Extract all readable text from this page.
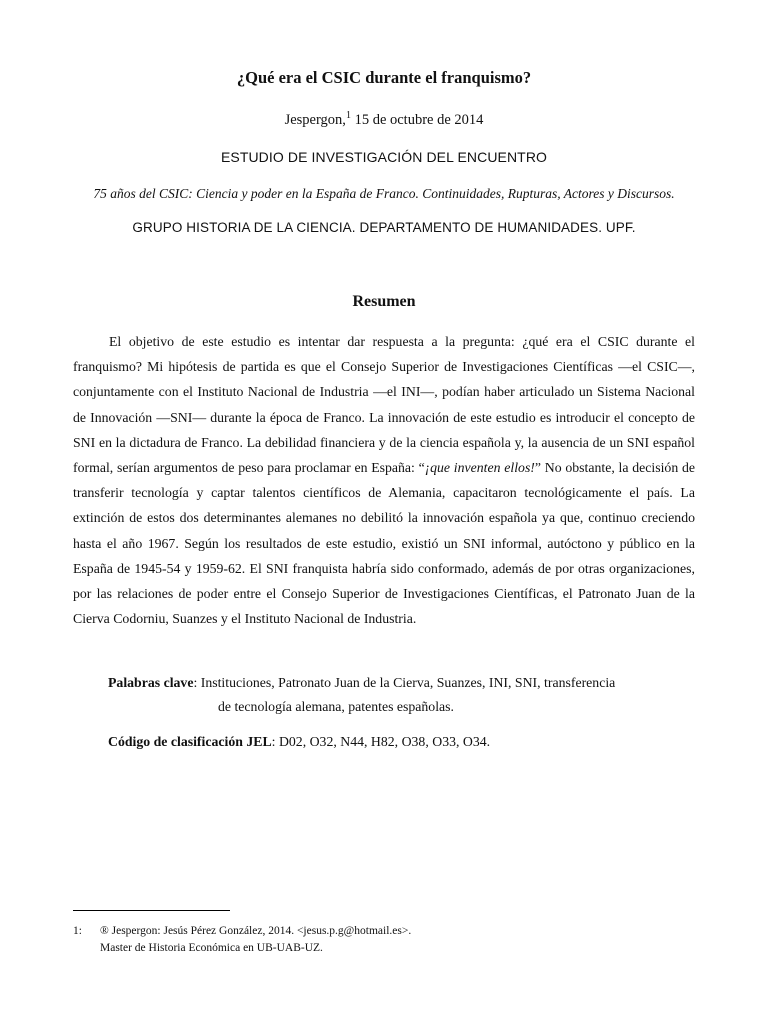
¿Qué era el CSIC durante el franquismo?
Jespergon,$^1$ 15 de octubre de 2014
ESTUDIO DE INVESTIGACIÓN DEL ENCUENTRO
75 años del CSIC: Ciencia y poder en la España de Franco. Continuidades, Rupturas, Actores y Discursos.
GRUPO HISTORIA DE LA CIENCIA. DEPARTAMENTO DE HUMANIDADES. UPF.
Resumen

El objetivo de este estudio es intentar dar respuesta a la pregunta: ¿qué era el CSIC durante el franquismo? Mi hipótesis de partida es que el Consejo Superior de Investigaciones Científicas —el CSIC—, conjuntamente con el Instituto Nacional de Industria —el INI—, podían haber articulado un Sistema Nacional de Innovación —SNI— durante la época de Franco. La innovación de este estudio es introducir el concepto de SNI en la dictadura de Franco. La debilidad financiera y de la ciencia española y, la ausencia de un SNI español formal, serían argumentos de peso para proclamar en España: “¡que inventen ellos!” No obstante, la decisión de transferir tecnología y captar talentos científicos de Alemania, capacitaron tecnológicamente el país. La extinción de estos dos determinantes alemanes no debilitó la innovación española ya que, continuo creciendo hasta el año 1967. Según los resultados de este estudio, existió un SNI informal, autóctono y público en la España de 1945-54 y 1959-62. El SNI franquista habría sido conformado, además de por otras organizaciones, por las relaciones de poder entre el Consejo Superior de Investigaciones Científicas, el Patronato Juan de la Cierva Codorniu, Suanzes y el Instituto Nacional de Industria.

Palabras clave: Instituciones, Patronato Juan de la Cierva, Suanzes, INI, SNI, transferencia
de tecnología alemana, patentes españolas.

Código de clasificación JEL: D02, O32, N44, H82, O38, O33, O34.

1: ® Jespergon: Jesús Pérez González, 2014. <jesus.p.g@hotmail.es>.
Master de Historia Económica en UB-UAB-UZ.
